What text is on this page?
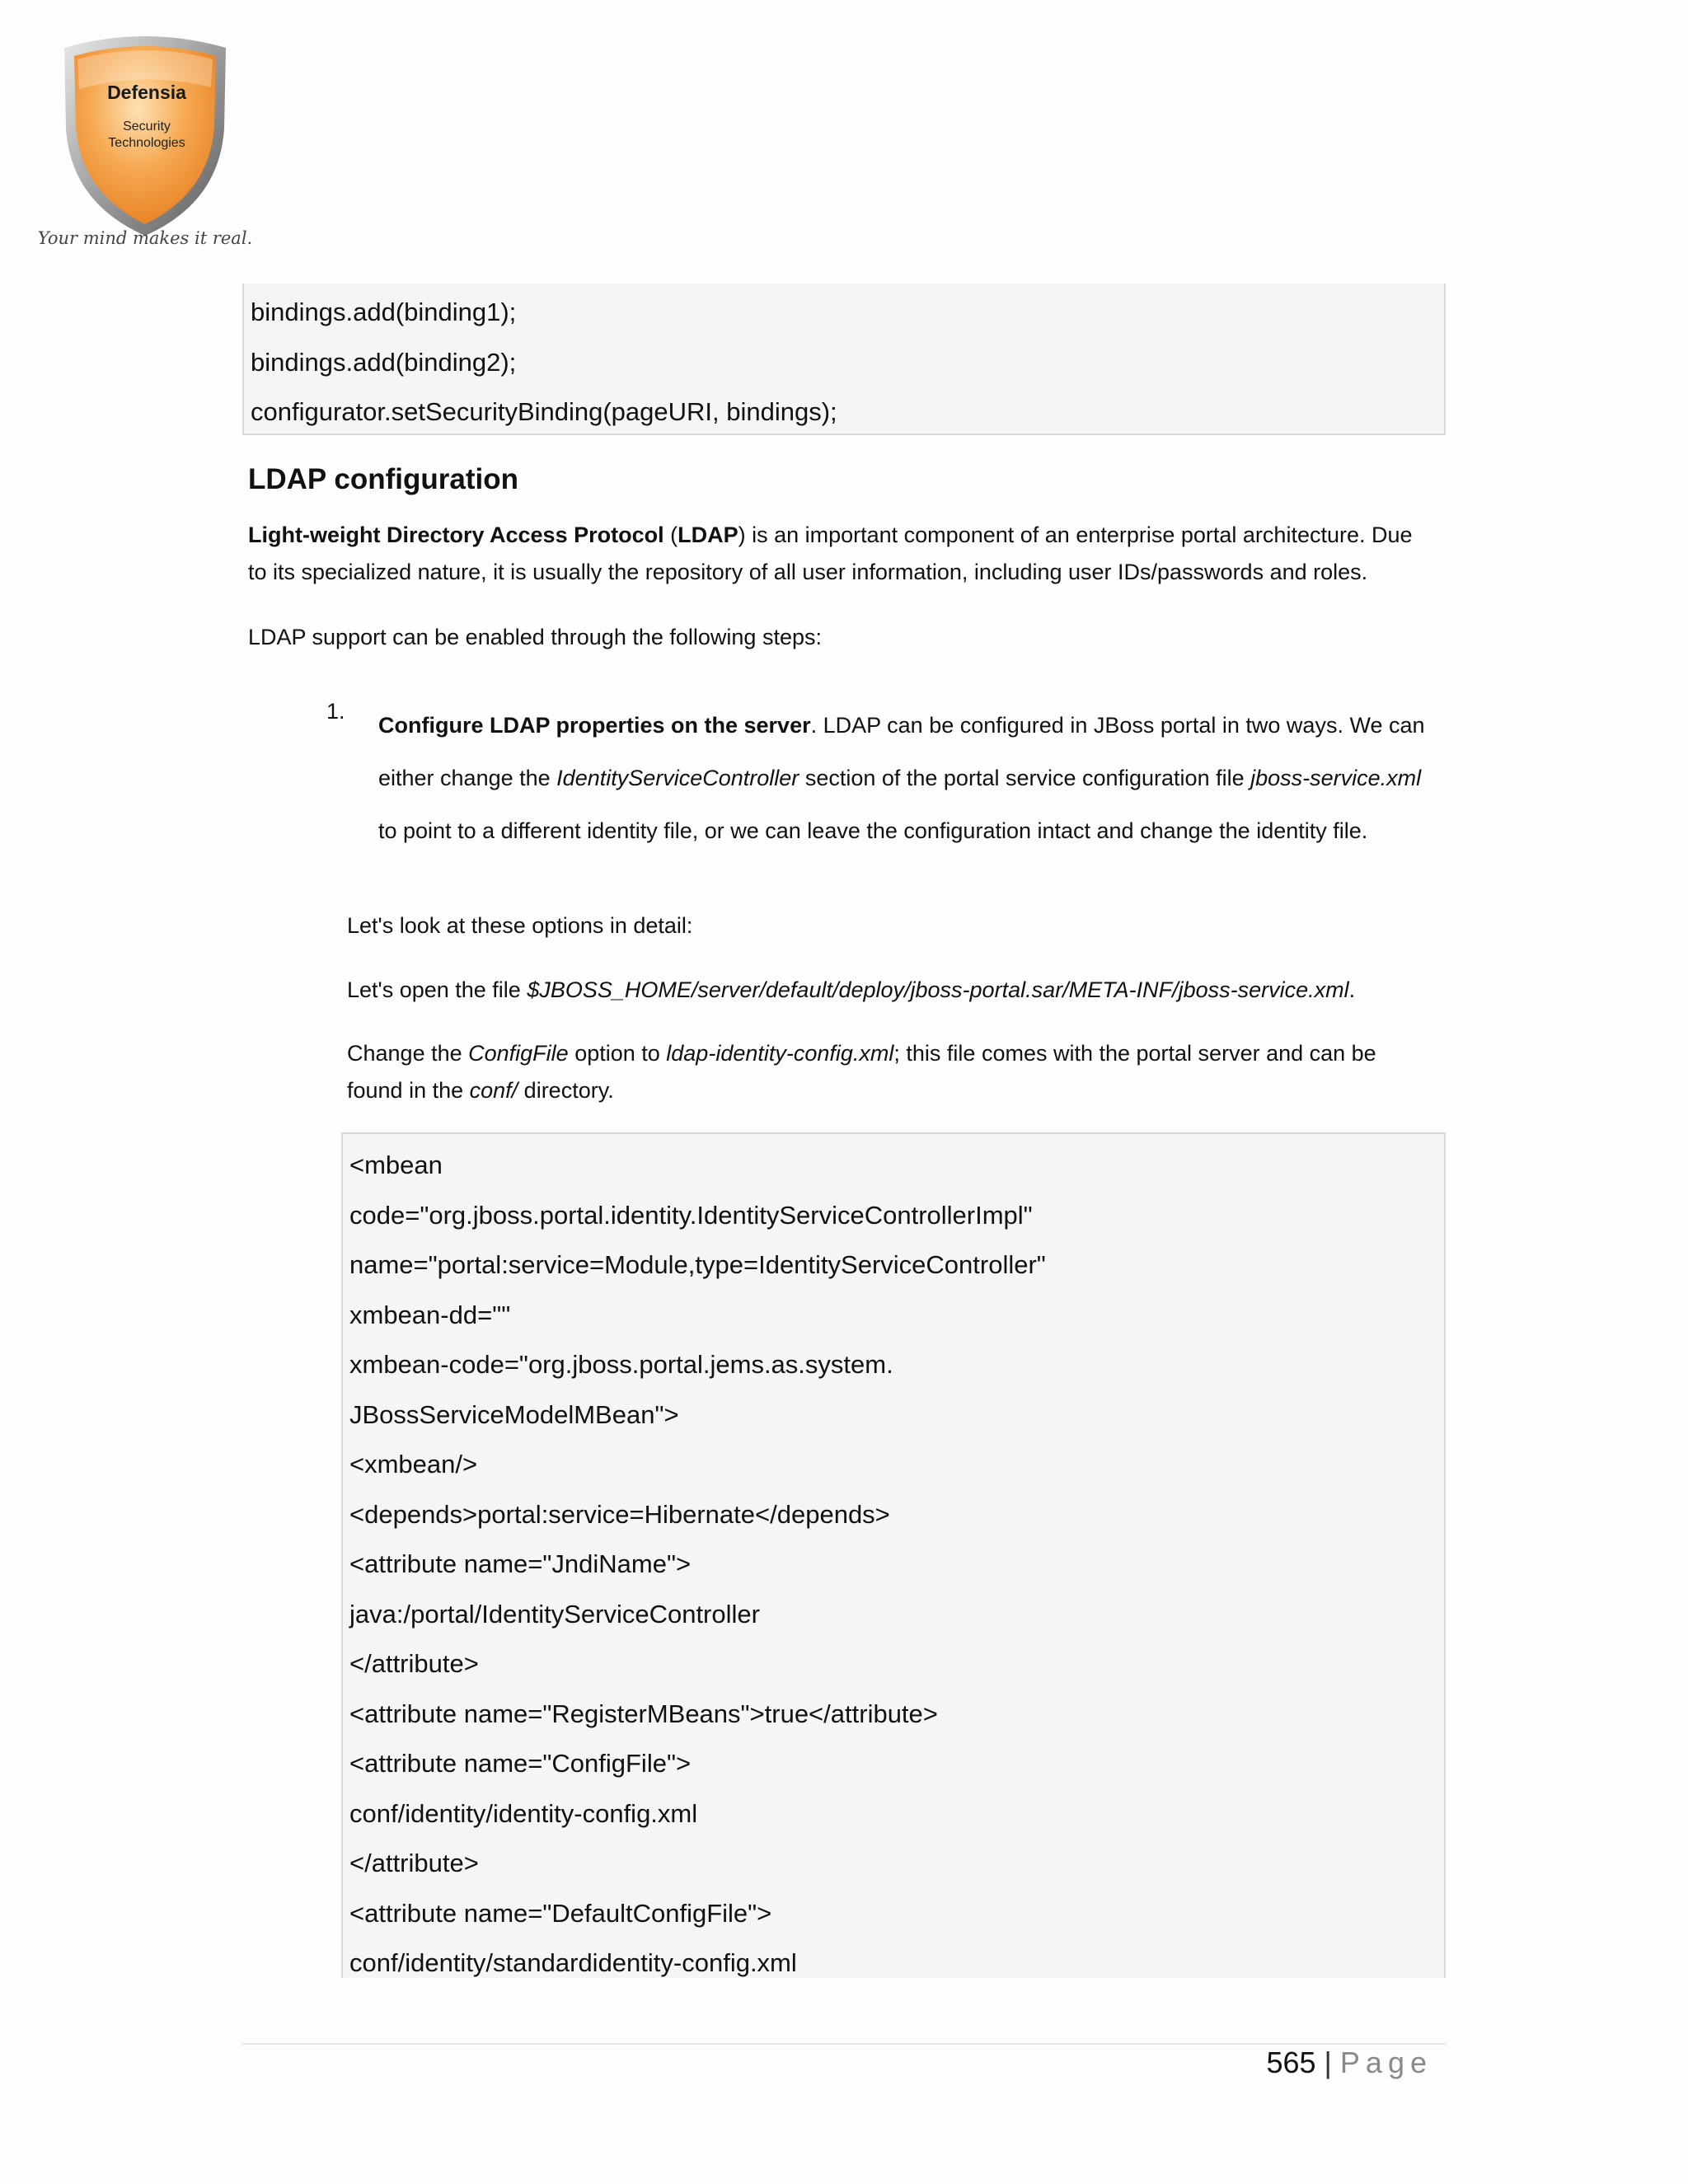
Defensia
Security
Technologies
Your mind makes it real.
bindings.add(binding1);
bindings.add(binding2);
configurator.setSecurityBinding(pageURI, bindings);
LDAP configuration
Light-weight Directory Access Protocol (LDAP) is an important component of an enterprise portal architecture. Due to its specialized nature, it is usually the repository of all user information, including user IDs/passwords and roles.
LDAP support can be enabled through the following steps:
1.
Configure LDAP properties on the server. LDAP can be configured in JBoss portal in two ways. We can either change the IdentityServiceController section of the portal service configuration file jboss-service.xml to point to a different identity file, or we can leave the configuration intact and change the identity file.
Let's look at these options in detail:
Let's open the file $JBOSS_HOME/server/default/deploy/jboss-portal.sar/META-INF/jboss-service.xml.
Change the ConfigFile option to ldap-identity-config.xml; this file comes with the portal server and can be found in the conf/ directory.
<mbean
code="org.jboss.portal.identity.IdentityServiceControllerImpl"
name="portal:service=Module,type=IdentityServiceController"
xmbean-dd=""
xmbean-code="org.jboss.portal.jems.as.system.
JBossServiceModelMBean">
<xmbean/>
<depends>portal:service=Hibernate</depends>
<attribute name="JndiName">
java:/portal/IdentityServiceController
</attribute>
<attribute name="RegisterMBeans">true</attribute>
<attribute name="ConfigFile">
conf/identity/identity-config.xml
</attribute>
<attribute name="DefaultConfigFile">
conf/identity/standardidentity-config.xml
565 | Page
